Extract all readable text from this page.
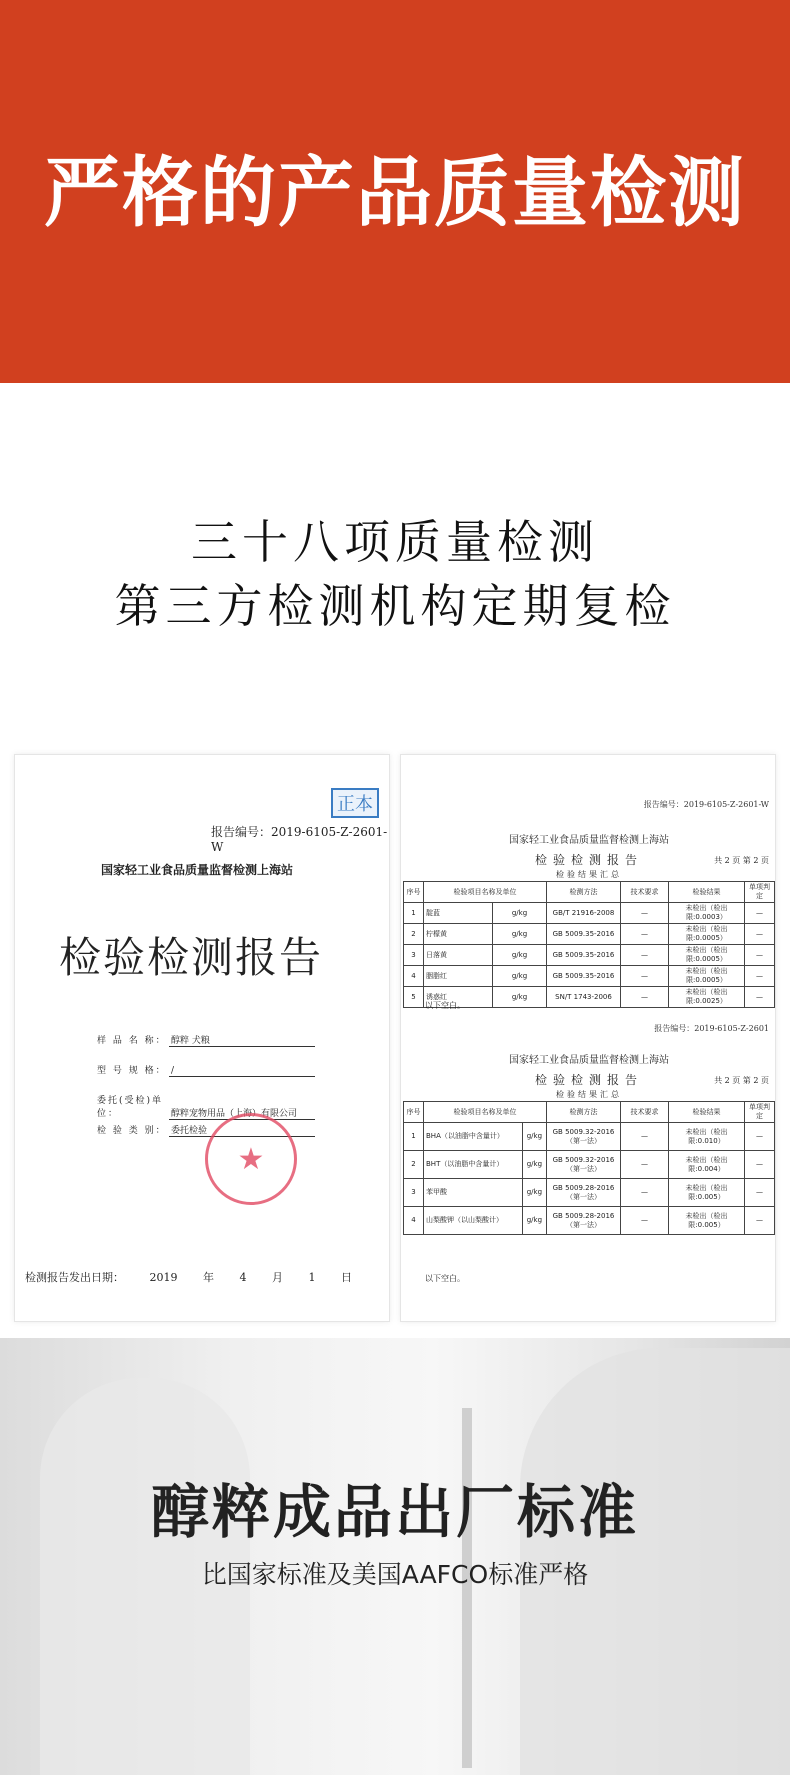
严格的产品质量检测
三十八项质量检测
第三方检测机构定期复检
正本
报告编号：2019-6105-Z-2601-W
国家轻工业食品质量监督检测上海站
检验检测报告
样 品 名 称： 醇粹 犬粮
型 号 规 格： /
委托(受检)单位：	醇粹宠物用品（上海）有限公司
检 验 类 别： 委托检验
★
检测报告发出日期： 2019 年 4 月 1 日
报告编号：2019-6105-Z-2601-W
国家轻工业食品质量监督检测上海站
检验检测报告	共 2 页 第 2 页
检验结果汇总
序号	检验项目名称及单位		检测方法	技术要求	检验结果	单项判定
1	靛蓝	g/kg	GB/T 21916-2008	—	未检出（检出限:0.0003）	—
2	柠檬黄	g/kg	GB 5009.35-2016	—	未检出（检出限:0.0005）	—
3	日落黄	g/kg	GB 5009.35-2016	—	未检出（检出限:0.0005）	—
4	胭脂红	g/kg	GB 5009.35-2016	—	未检出（检出限:0.0005）	—
5	诱惑红	g/kg	SN/T 1743-2006	—	未检出（检出限:0.0025）	—
以下空白。
报告编号：2019-6105-Z-2601
国家轻工业食品质量监督检测上海站
检验检测报告	共 2 页 第 2 页
检验结果汇总
序号	检验项目名称及单位		检测方法	技术要求	检验结果	单项判定
1	BHA（以油脂中含量计）	g/kg	GB 5009.32-2016（第一法）	—	未检出（检出限:0.010）	—
2	BHT（以油脂中含量计）	g/kg	GB 5009.32-2016（第一法）	—	未检出（检出限:0.004）	—
3	苯甲酸	g/kg	GB 5009.28-2016（第一法）	—	未检出（检出限:0.005）	—
4	山梨酸钾（以山梨酸计）	g/kg	GB 5009.28-2016（第一法）	—	未检出（检出限:0.005）	—
以下空白。
醇粹成品出厂标准
比国家标准及美国AAFCO标准严格
